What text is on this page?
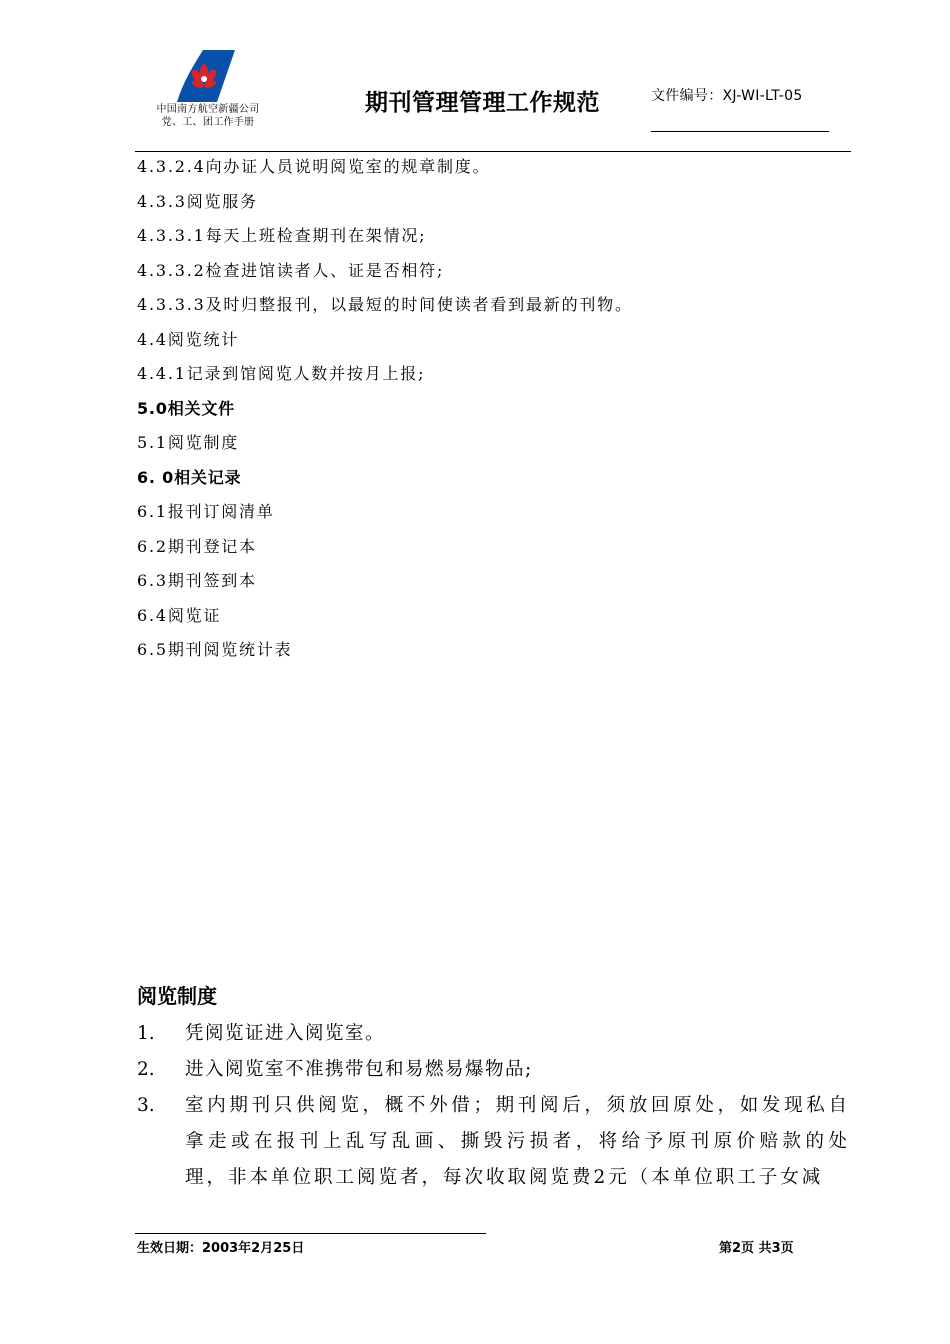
中国南方航空新疆公司
党、工、团工作手册
期刊管理管理工作规范	文件编号：XJ-WI-LT-05
4.3.2.4向办证人员说明阅览室的规章制度。
4.3.3阅览服务
4.3.3.1每天上班检查期刊在架情况;
4.3.3.2检查进馆读者人、证是否相符;
4.3.3.3及时归整报刊，以最短的时间使读者看到最新的刊物。
4.4阅览统计
4.4.1记录到馆阅览人数并按月上报;
5.0相关文件
5.1阅览制度
6. 0相关记录
6.1报刊订阅清单
6.2期刊登记本
6.3期刊签到本
6.4阅览证
6.5期刊阅览统计表
阅览制度
1.	凭阅览证进入阅览室。
2.	进入阅览室不准携带包和易燃易爆物品;
3.	室内期刊只供阅览，概不外借；期刊阅后，须放回原处，如发现私自拿走或在报刊上乱写乱画、撕毁污损者，将给予原刊原价赔款的处理，非本单位职工阅览者，每次收取阅览费2元（本单位职工子女减
生效日期：2003年2月25日	第2页 共3页
